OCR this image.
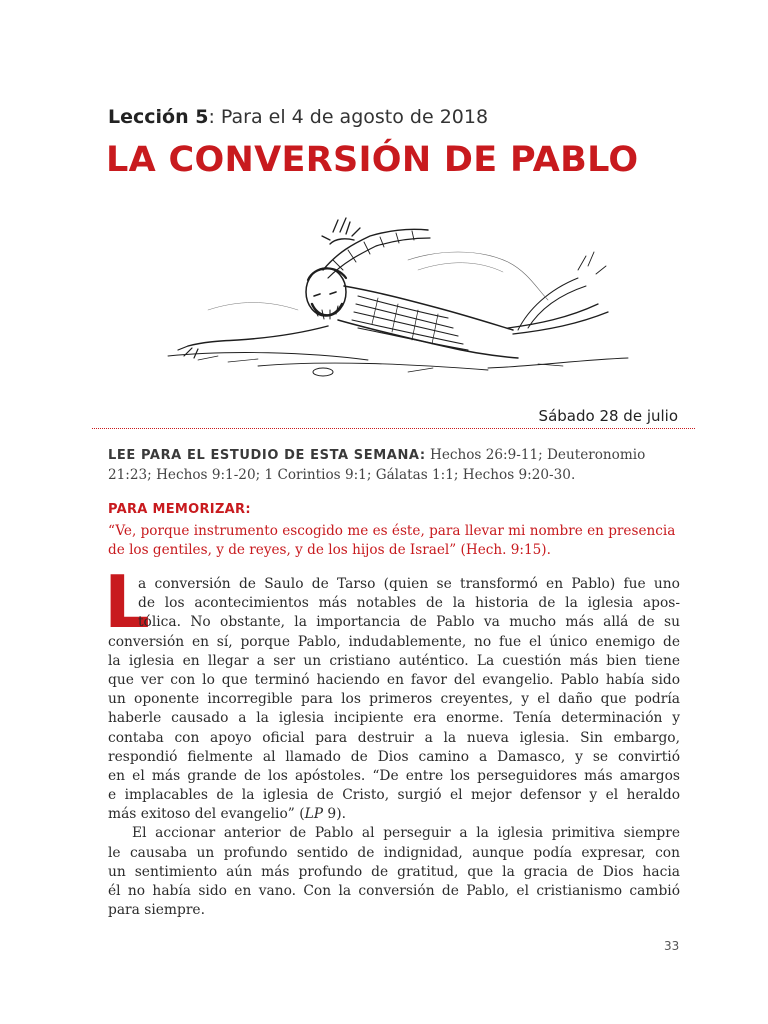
Lección 5: Para el 4 de agosto de 2018

LA CONVERSIÓN DE PABLO

Sábado 28 de julio

LEE PARA EL ESTUDIO DE ESTA SEMANA: Hechos 26:9-11; Deuteronomio 21:23; Hechos 9:1-20; 1 Corintios 9:1; Gálatas 1:1; Hechos 9:20-30.

PARA MEMORIZAR:

“Ve, porque instrumento escogido me es éste, para llevar mi nombre en presencia de los gentiles, y de reyes, y de los hijos de Israel” (Hech. 9:15).

L
a conversión de Saulo de Tarso (quien se transformó en Pablo) fue uno
de los acontecimientos más notables de la historia de la iglesia apos-
tólica. No obstante, la importancia de Pablo va mucho más allá de su
conversión en sí, porque Pablo, indudablemente, no fue el único enemigo de
la iglesia en llegar a ser un cristiano auténtico. La cuestión más bien tiene
que ver con lo que terminó haciendo en favor del evangelio. Pablo había sido
un oponente incorregible para los primeros creyentes, y el daño que podría
haberle causado a la iglesia incipiente era enorme. Tenía determinación y
contaba con apoyo oficial para destruir a la nueva iglesia. Sin embargo,
respondió fielmente al llamado de Dios camino a Damasco, y se convirtió
en el más grande de los apóstoles. “De entre los perseguidores más amargos
e implacables de la iglesia de Cristo, surgió el mejor defensor y el heraldo
más exitoso del evangelio” (LP 9).
El accionar anterior de Pablo al perseguir a la iglesia primitiva siempre
le causaba un profundo sentido de indignidad, aunque podía expresar, con
un sentimiento aún más profundo de gratitud, que la gracia de Dios hacia
él no había sido en vano. Con la conversión de Pablo, el cristianismo cambió
para siempre.

33
